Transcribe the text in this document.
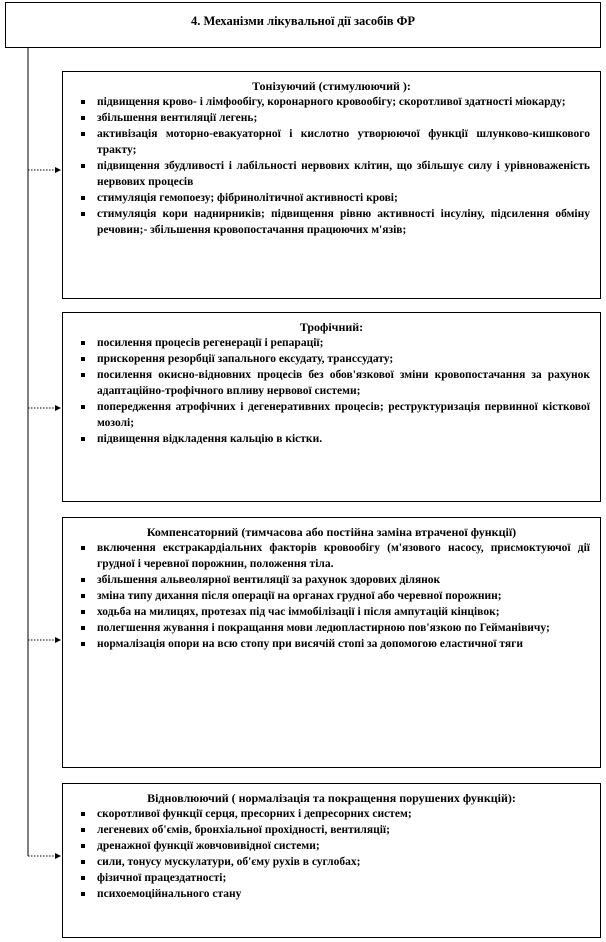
4. Механізми лікувальної дії засобів ФР
Тонізуючий (стимулюючий ):
підвищення крово- і лімфообігу, коронарного кровообігу; скоротливої здатності міокарду;
збільшення вентиляції легень;
активізація моторно-евакуаторної і кислотно утворюючої функції шлунково-кишкового тракту;
підвищення збудливості і лабільності нервових клітин, що збільшує силу і урівноваженість нервових процесів
стимуляція гемопоезу; фібринолітичної активності крові;
стимуляція кори наднирників; підвищення рівню активності інсуліну, підсилення обміну речовин;- збільшення кровопостачання працюючих м'язів;
Трофічний:
посилення процесів регенерації і репарації;
прискорення резорбції запального ексудату, транссудату;
посилення окисно-відновних процесів без обов'язкової зміни кровопостачання за рахунок адаптаційно-трофічного впливу нервової системи;
попередження атрофічних і дегенеративних процесів; реструктуризація первинної кісткової мозолі;
підвищення відкладення кальцію в кістки.
Компенсаторний (тимчасова або постійна заміна втраченої функції)
включення екстракардіальних факторів кровообігу (м'язового насосу, присмоктуючої дії грудної і черевної порожнин, положення тіла.
збільшення альвеолярної вентиляції за рахунок здорових ділянок
зміна типу дихання після операції на органах грудної або черевної порожнин;
ходьба на милицях, протезах під час іммобілізації і після ампутацій кінцівок;
полегшення жування і покращання мови ледюпластирною пов'язкою по Гейманівичу;
нормалізація опори на всю стопу при висячій стопі за допомогою еластичної тяги
Відновлюючий ( нормалізація та покращення порушених функцій):
скоротливої функції серця, пресорних і депресорних систем;
легеневих об'ємів, бронхіальної прохідності, вентиляції;
дренажної функції жовчовивідної системи;
сили, тонусу мускулатури, об'єму рухів в суглобах;
фізичної працездатності;
психоемоційнального стану
